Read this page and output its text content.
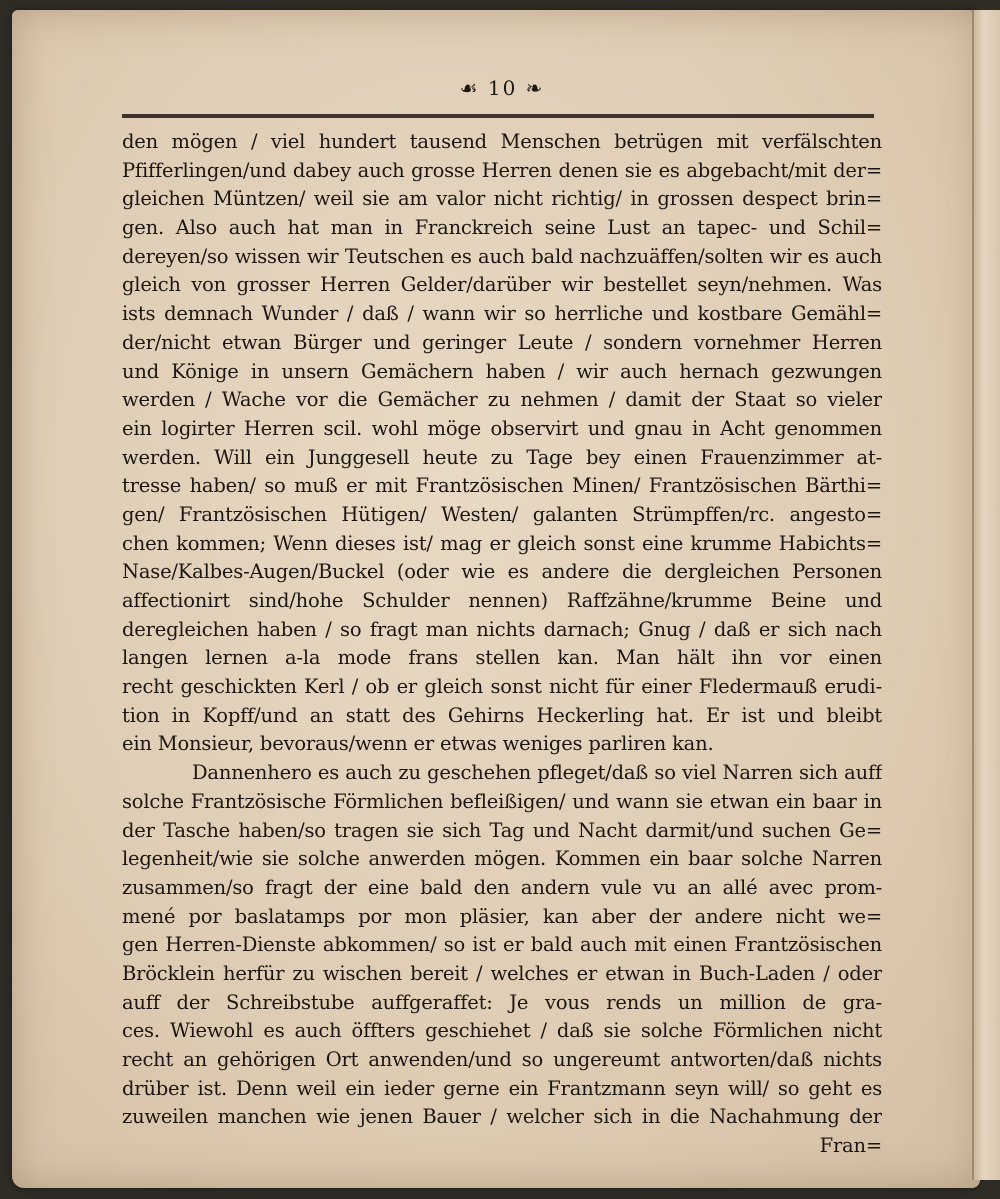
☙ 10 ❧
den mögen / viel hundert tausend Menschen betrügen mit verfälschten
Pfifferlingen/und dabey auch grosse Herren denen sie es abgebacht/mit der=
gleichen Müntzen/ weil sie am valor nicht richtig/ in grossen despect brin=
gen. Also auch hat man in Franckreich seine Lust an tapec- und Schil=
dereyen/so wissen wir Teutschen es auch bald nachzuäffen/solten wir es auch
gleich von grosser Herren Gelder/darüber wir bestellet seyn/nehmen. Was
ists demnach Wunder / daß / wann wir so herrliche und kostbare Gemähl=
der/nicht etwan Bürger und geringer Leute / sondern vornehmer Herren
und Könige in unsern Gemächern haben / wir auch hernach gezwungen
werden / Wache vor die Gemächer zu nehmen / damit der Staat so vieler
ein logirter Herren scil. wohl möge observirt und gnau in Acht genommen
werden. Will ein Junggesell heute zu Tage bey einen Frauenzimmer at-
tresse haben/ so muß er mit Frantzösischen Minen/ Frantzösischen Bärthi=
gen/ Frantzösischen Hütigen/ Westen/ galanten Strümpffen/rc. angesto=
chen kommen; Wenn dieses ist/ mag er gleich sonst eine krumme Habichts=
Nase/Kalbes-Augen/Buckel (oder wie es andere die dergleichen Personen
affectionirt sind/hohe Schulder nennen) Raffzähne/krumme Beine und
deregleichen haben / so fragt man nichts darnach; Gnug / daß er sich nach
langen lernen a-la mode frans stellen kan. Man hält ihn vor einen
recht geschickten Kerl / ob er gleich sonst nicht für einer Fledermauß erudi-
tion in Kopff/und an statt des Gehirns Heckerling hat. Er ist und bleibt
ein Monsieur, bevoraus/wenn er etwas weniges parliren kan.
Dannenhero es auch zu geschehen pfleget/daß so viel Narren sich auff
solche Frantzösische Förmlichen befleißigen/ und wann sie etwan ein baar in
der Tasche haben/so tragen sie sich Tag und Nacht darmit/und suchen Ge=
legenheit/wie sie solche anwerden mögen. Kommen ein baar solche Narren
zusammen/so fragt der eine bald den andern vule vu an allé avec prom-
mené por baslatamps por mon pläsier, kan aber der andere nicht we=
gen Herren-Dienste abkommen/ so ist er bald auch mit einen Frantzösischen
Bröcklein herfür zu wischen bereit / welches er etwan in Buch-Laden / oder
auff der Schreibstube auffgeraffet: Je vous rends un million de gra-
ces. Wiewohl es auch öffters geschiehet / daß sie solche Förmlichen nicht
recht an gehörigen Ort anwenden/und so ungereumt antworten/daß nichts
drüber ist. Denn weil ein ieder gerne ein Frantzmann seyn will/ so geht es
zuweilen manchen wie jenen Bauer / welcher sich in die Nachahmung der
Fran=
